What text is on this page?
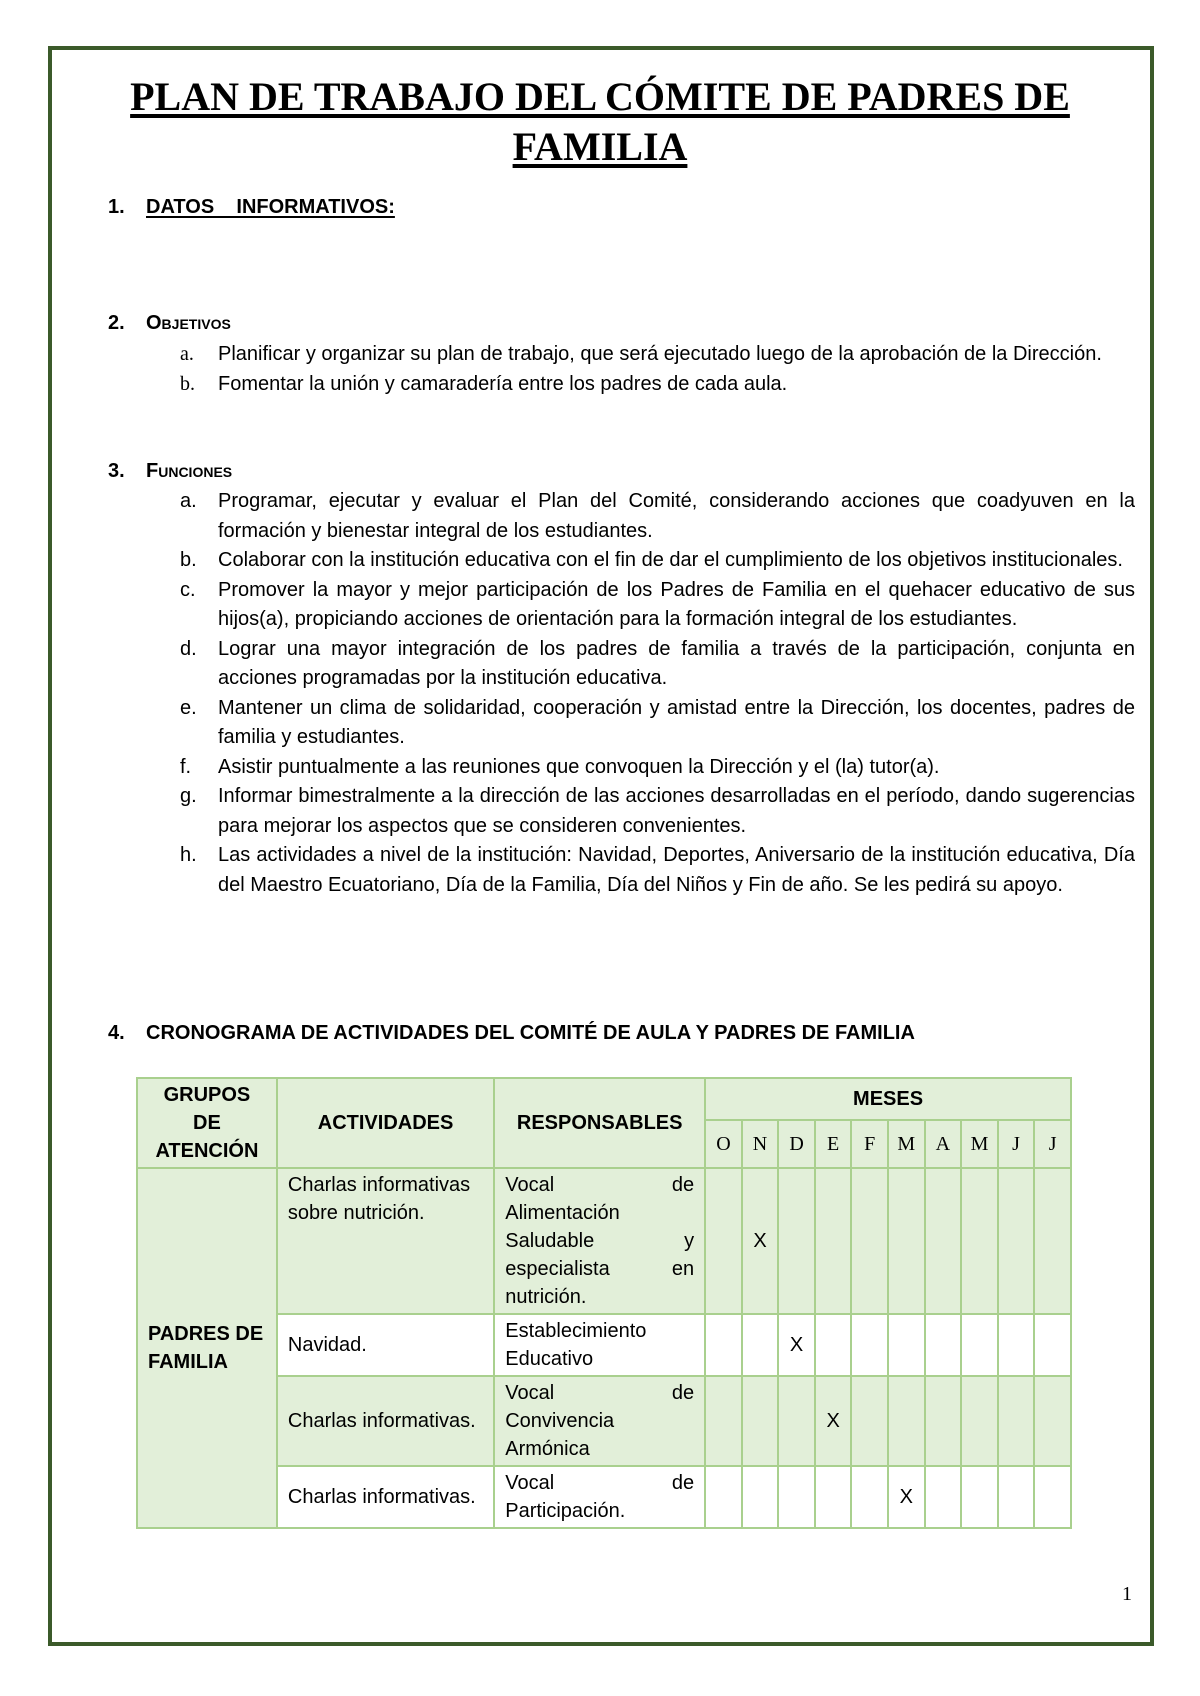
PLAN DE TRABAJO DEL CÓMITE DE PADRES DE
FAMILIA
1. DATOS    INFORMATIVOS:
2. Objetivos
a. Planificar y organizar su plan de trabajo, que será ejecutado luego de la aprobación de la Dirección.
b. Fomentar la unión y camaradería entre los padres de cada aula.
3. Funciones
a. Programar, ejecutar y evaluar el Plan del Comité, considerando acciones que coadyuven en la formación y bienestar integral de los estudiantes.
b. Colaborar con la institución educativa con el fin de dar el cumplimiento de los objetivos institucionales.
c. Promover la mayor y mejor participación de los Padres de Familia en el quehacer educativo de sus hijos(a), propiciando acciones de orientación para la formación integral de los estudiantes.
d. Lograr una mayor integración de los padres de familia a través de la participación, conjunta en acciones programadas por la institución educativa.
e. Mantener un clima de solidaridad, cooperación y amistad entre la Dirección, los docentes, padres de familia y estudiantes.
f. Asistir puntualmente a las reuniones que convoquen la Dirección y el (la) tutor(a).
g. Informar bimestralmente a la dirección de las acciones desarrolladas en el período, dando sugerencias para mejorar los aspectos que se consideren convenientes.
h. Las actividades a nivel de la institución: Navidad, Deportes, Aniversario de la institución educativa, Día del Maestro Ecuatoriano, Día de la Familia, Día del Niños y Fin de año. Se les pedirá su apoyo.
4. CRONOGRAMA DE ACTIVIDADES DEL COMITÉ DE AULA Y PADRES DE FAMILIA
GRUPOS DE ATENCIÓN	ACTIVIDADES	RESPONSABLES	MESES									
			O	N	D	E	F	M	A	M	J	J
PADRES DE FAMILIA	Charlas informativas sobre nutrición.	Vocal de Alimentación Saludable y especialista en nutrición.		X								
	Navidad.	Establecimiento Educativo			X							
	Charlas informativas.	Vocal de Convivencia Armónica				X						
	Charlas informativas.	Vocal de Participación.						X				
1
